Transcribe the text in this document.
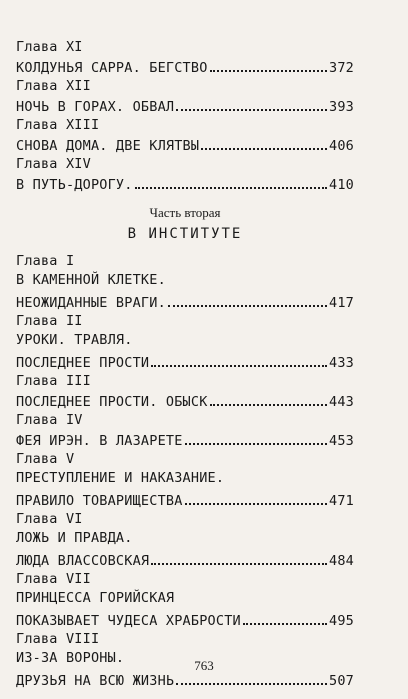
Глава XI
КОЛДУНЬЯ САРРА. БЕГСТВО	372
Глава XII
НОЧЬ В ГОРАХ. ОБВАЛ	393
Глава XIII
СНОВА ДОМА. ДВЕ КЛЯТВЫ	406
Глава XIV
В ПУТЬ-ДОРОГУ.	410
Часть вторая
В ИНСТИТУТЕ
Глава I
В КАМЕННОЙ КЛЕТКЕ.
НЕОЖИДАННЫЕ ВРАГИ.	417
Глава II
УРОКИ. ТРАВЛЯ.
ПОСЛЕДНЕЕ ПРОСТИ	433
Глава III
ПОСЛЕДНЕЕ ПРОСТИ. ОБЫСК	443
Глава IV
ФЕЯ ИРЭН. В ЛАЗАРЕТЕ	453
Глава V
ПРЕСТУПЛЕНИЕ И НАКАЗАНИЕ.
ПРАВИЛО ТОВАРИЩЕСТВА	471
Глава VI
ЛОЖЬ И ПРАВДА.
ЛЮДА ВЛАССОВСКАЯ	484
Глава VII
ПРИНЦЕССА ГОРИЙСКАЯ
ПОКАЗЫВАЕТ ЧУДЕСА ХРАБРОСТИ	495
Глава VIII
ИЗ-ЗА ВОРОНЫ.
ДРУЗЬЯ НА ВСЮ ЖИЗНЬ	507
763
